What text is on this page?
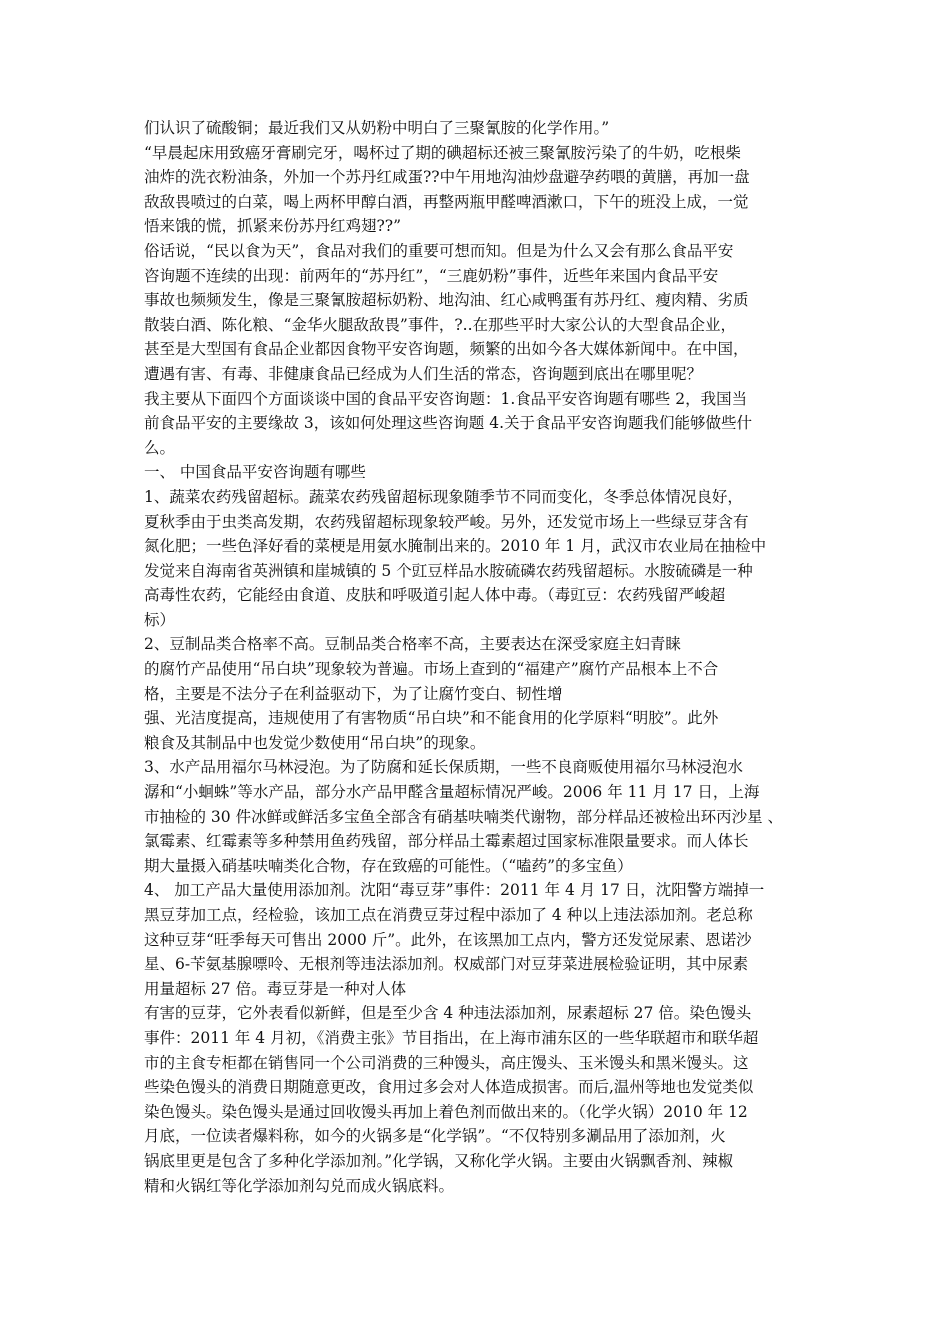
们认识了硫酸铜；最近我们又从奶粉中明白了三聚氰胺的化学作用。”
“早晨起床用致癌牙膏刷完牙，喝杯过了期的碘超标还被三聚氰胺污染了的牛奶，吃根柴
油炸的洗衣粉油条，外加一个苏丹红咸蛋??中午用地沟油炒盘避孕药喂的黄膳，再加一盘
敌敌畏喷过的白菜，喝上两杯甲醇白酒，再整两瓶甲醛啤酒漱口，下午的班没上成，一觉
悟来饿的慌，抓紧来份苏丹红鸡翅??”
俗话说，“民以食为天”，食品对我们的重要可想而知。但是为什么又会有那么食品平安
咨询题不连续的出现：前两年的“苏丹红”，“三鹿奶粉”事件，近些年来国内食品平安
事故也频频发生，像是三聚氰胺超标奶粉、地沟油、红心咸鸭蛋有苏丹红、瘦肉精、劣质
散装白酒、陈化粮、“金华火腿敌敌畏”事件，?..在那些平时大家公认的大型食品企业，
甚至是大型国有食品企业都因食物平安咨询题，频繁的出如今各大媒体新闻中。在中国，
遭遇有害、有毒、非健康食品已经成为人们生活的常态，咨询题到底出在哪里呢？
我主要从下面四个方面谈谈中国的食品平安咨询题：1.食品平安咨询题有哪些 2，我国当
前食品平安的主要缘故 3，该如何处理这些咨询题 4.关于食品平安咨询题我们能够做些什
么。
一、 中国食品平安咨询题有哪些
1、蔬菜农药残留超标。蔬菜农药残留超标现象随季节不同而变化，冬季总体情况良好，
夏秋季由于虫类高发期，农药残留超标现象较严峻。另外，还发觉市场上一些绿豆芽含有
氮化肥；一些色泽好看的菜梗是用氨水腌制出来的。2010 年 1 月，武汉市农业局在抽检中
发觉来自海南省英洲镇和崖城镇的 5 个豇豆样品水胺硫磷农药残留超标。水胺硫磷是一种
高毒性农药，它能经由食道、皮肤和呼吸道引起人体中毒。（毒豇豆：农药残留严峻超
标）
2、豆制品类合格率不高。豆制品类合格率不高，主要表达在深受家庭主妇青睐
的腐竹产品使用“吊白块”现象较为普遍。市场上查到的“福建产”腐竹产品根本上不合
格，主要是不法分子在利益驱动下，为了让腐竹变白、韧性增
强、光洁度提高，违规使用了有害物质“吊白块”和不能食用的化学原料“明胶”。此外
粮食及其制品中也发觉少数使用“吊白块”的现象。
3、水产品用福尔马林浸泡。为了防腐和延长保质期，一些不良商贩使用福尔马林浸泡水
潺和“小蛔蛛”等水产品，部分水产品甲醛含量超标情况严峻。2006 年 11 月 17 日，上海
市抽检的 30 件冰鲜或鲜活多宝鱼全部含有硝基呋喃类代谢物，部分样品还被检出环丙沙星 、
氯霉素、红霉素等多种禁用鱼药残留，部分样品土霉素超过国家标准限量要求。而人体长
期大量摄入硝基呋喃类化合物，存在致癌的可能性。（“嗑药”的多宝鱼）
4、 加工产品大量使用添加剂。沈阳“毒豆芽”事件：2011 年 4 月 17 日，沈阳警方端掉一
黑豆芽加工点，经检验，该加工点在消费豆芽过程中添加了 4 种以上违法添加剂。老总称
这种豆芽“旺季每天可售出 2000 斤”。此外，在该黑加工点内，警方还发觉尿素、恩诺沙
星、6-苄氨基腺嘌呤、无根剂等违法添加剂。权威部门对豆芽菜进展检验证明，其中尿素
用量超标 27 倍。毒豆芽是一种对人体
有害的豆芽，它外表看似新鲜，但是至少含 4 种违法添加剂，尿素超标 27 倍。染色馒头
事件：2011 年 4 月初，《消费主张》节目指出，在上海市浦东区的一些华联超市和联华超
市的主食专柜都在销售同一个公司消费的三种馒头，高庄馒头、玉米馒头和黑米馒头。这
些染色馒头的消费日期随意更改，食用过多会对人体造成损害。而后,温州等地也发觉类似
染色馒头。染色馒头是通过回收馒头再加上着色剂而做出来的。（化学火锅）2010 年 12
月底，一位读者爆料称，如今的火锅多是“化学锅”。“不仅特别多涮品用了添加剂，火
锅底里更是包含了多种化学添加剂。”化学锅，又称化学火锅。主要由火锅飘香剂、辣椒
精和火锅红等化学添加剂勾兑而成火锅底料。
